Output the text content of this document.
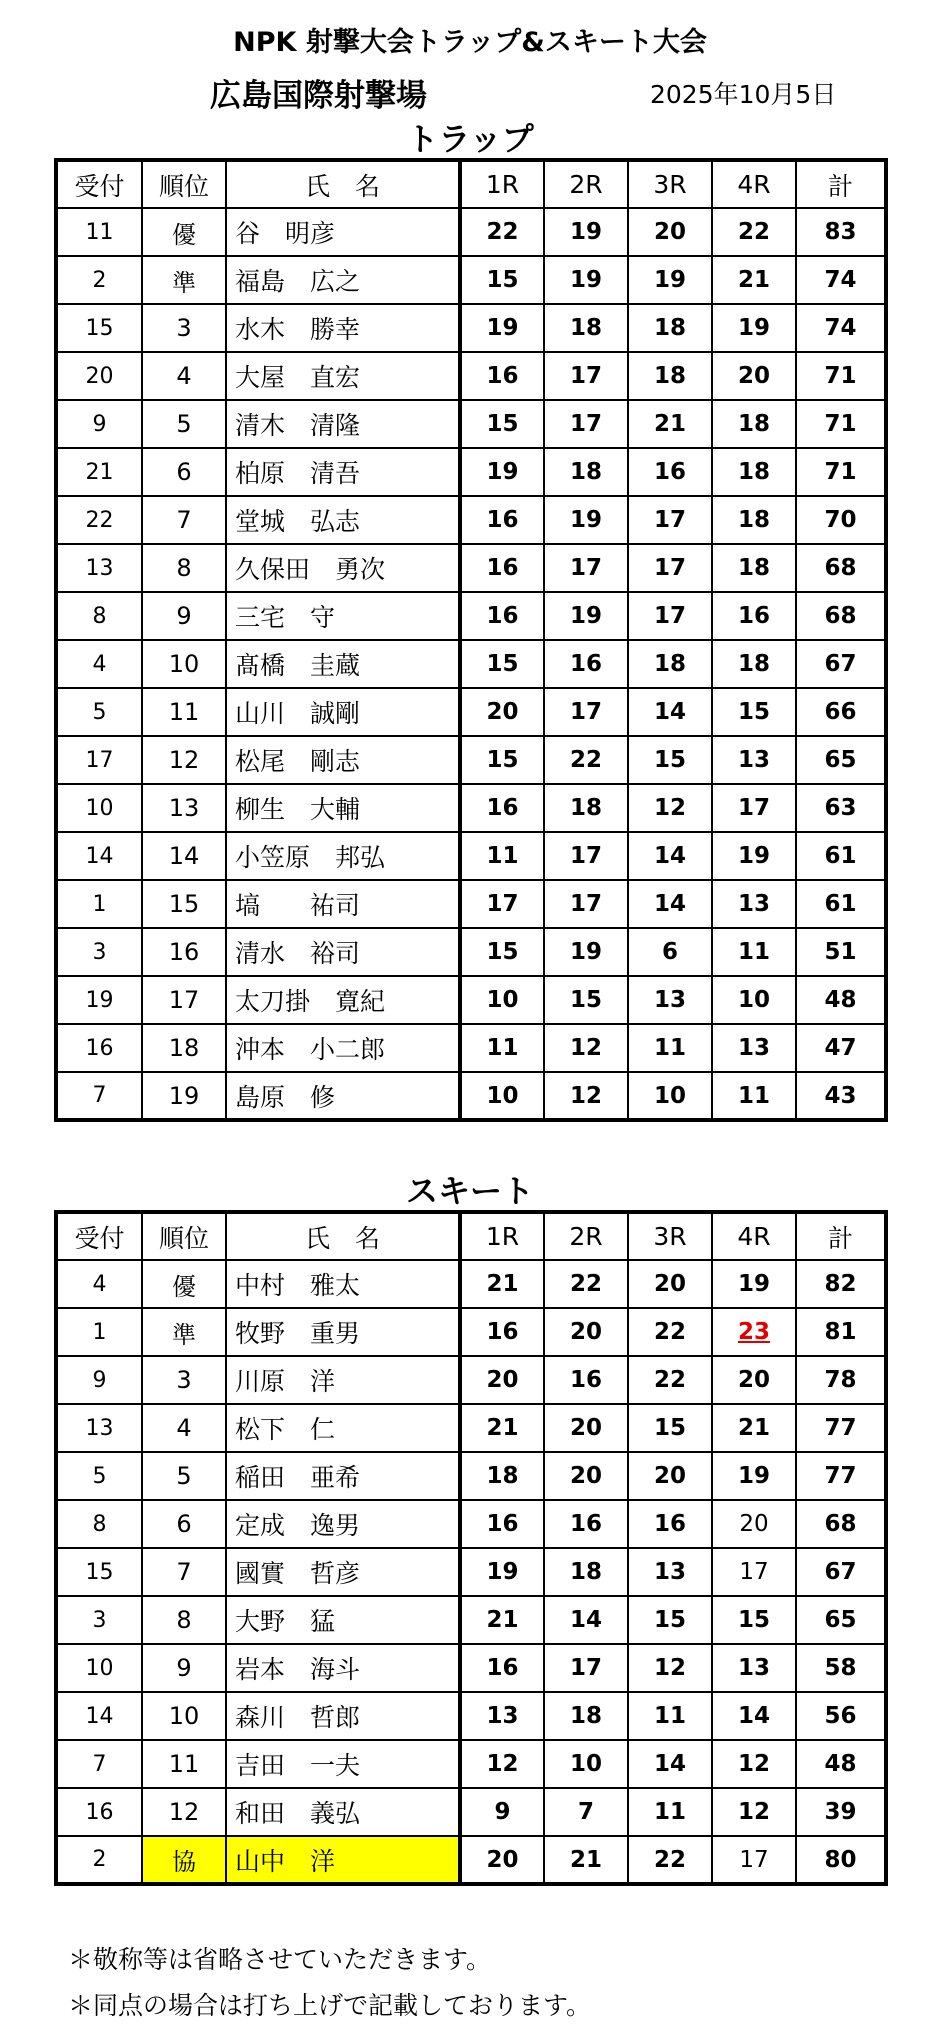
NPK 射撃大会トラップ&スキート大会
広島国際射撃場	2025年10月5日
トラップ
受付	順位	氏　名	1R	2R	3R	4R	計
11	優	谷　明彦	22	19	20	22	83
2	準	福島　広之	15	19	19	21	74
15	3	水木　勝幸	19	18	18	19	74
20	4	大屋　直宏	16	17	18	20	71
9	5	清木　清隆	15	17	21	18	71
21	6	柏原　清吾	19	18	16	18	71
22	7	堂城　弘志	16	19	17	18	70
13	8	久保田　勇次	16	17	17	18	68
8	9	三宅　守	16	19	17	16	68
4	10	髙橋　圭蔵	15	16	18	18	67
5	11	山川　誠剛	20	17	14	15	66
17	12	松尾　剛志	15	22	15	13	65
10	13	柳生　大輔	16	18	12	17	63
14	14	小笠原　邦弘	11	17	14	19	61
1	15	塙　　祐司	17	17	14	13	61
3	16	清水　裕司	15	19	6	11	51
19	17	太刀掛　寛紀	10	15	13	10	48
16	18	沖本　小二郎	11	12	11	13	47
7	19	島原　修	10	12	10	11	43
スキート
受付	順位	氏　名	1R	2R	3R	4R	計
4	優	中村　雅太	21	22	20	19	82
1	準	牧野　重男	16	20	22	23	81
9	3	川原　洋	20	16	22	20	78
13	4	松下　仁	21	20	15	21	77
5	5	稲田　亜希	18	20	20	19	77
8	6	定成　逸男	16	16	16	20	68
15	7	國實　哲彦	19	18	13	17	67
3	8	大野　猛	21	14	15	15	65
10	9	岩本　海斗	16	17	12	13	58
14	10	森川　哲郎	13	18	11	14	56
7	11	吉田　一夫	12	10	14	12	48
16	12	和田　義弘	9	7	11	12	39
2	協	山中　洋	20	21	22	17	80
＊敬称等は省略させていただきます。
＊同点の場合は打ち上げで記載しております。
